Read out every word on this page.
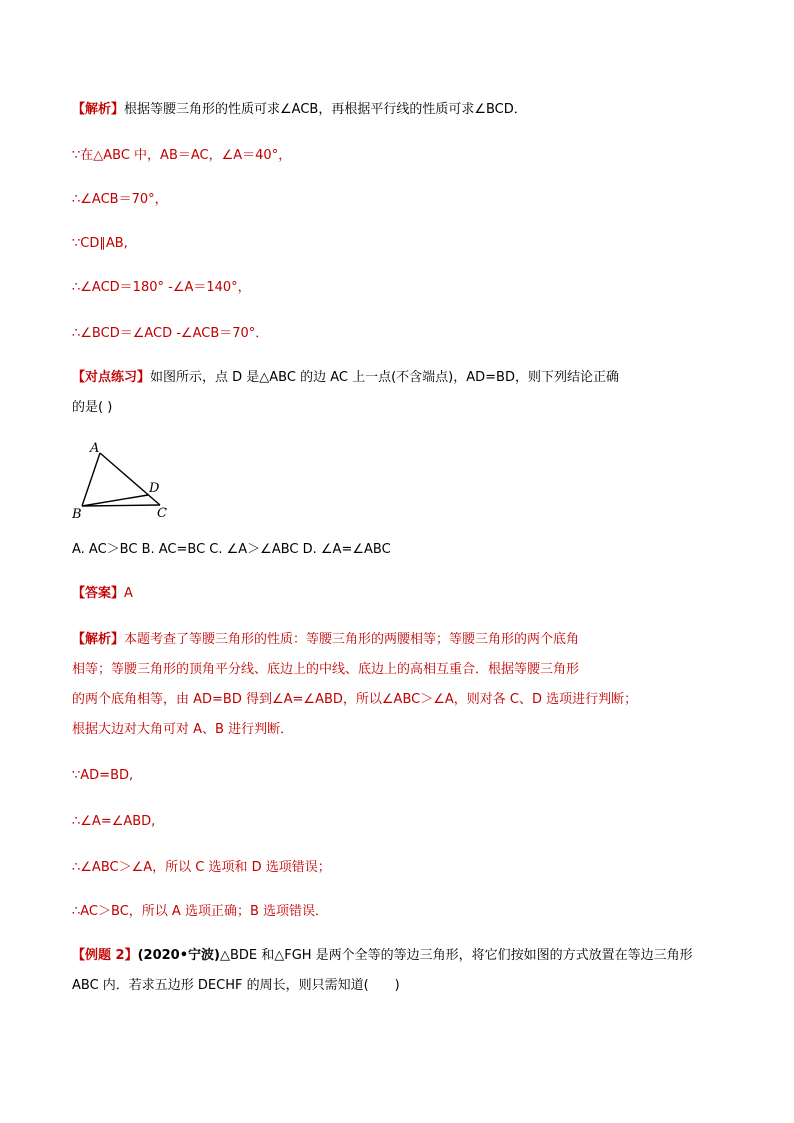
【解析】根据等腰三角形的性质可求∠ACB，再根据平行线的性质可求∠BCD．
∵在△ABC 中，AB＝AC，∠A＝40°，
∴∠ACB＝70°，
∵CD∥AB,
∴∠ACD＝180° -∠A＝140°，
∴∠BCD＝∠ACD -∠ACB＝70°．
【对点练习】如图所示，点 D 是△ABC 的边 AC 上一点(不含端点)，AD=BD，则下列结论正确
的是( )
A
B	C
D
A. AC＞BC B. AC=BC C. ∠A＞∠ABC D. ∠A=∠ABC
【答案】A
【解析】本题考查了等腰三角形的性质：等腰三角形的两腰相等；等腰三角形的两个底角
相等；等腰三角形的顶角平分线、底边上的中线、底边上的高相互重合．根据等腰三角形
的两个底角相等，由 AD=BD 得到∠A=∠ABD，所以∠ABC＞∠A，则对各 C、D 选项进行判断；
根据大边对大角可对 A、B 进行判断．
∵AD=BD,
∴∠A=∠ABD,
∴∠ABC＞∠A，所以 C 选项和 D 选项错误；
∴AC＞BC，所以 A 选项正确；B 选项错误．
【例题 2】(2020•宁波)△BDE 和△FGH 是两个全等的等边三角形，将它们按如图的方式放置在等边三角形
ABC 内．若求五边形 DECHF 的周长，则只需知道(　　)
